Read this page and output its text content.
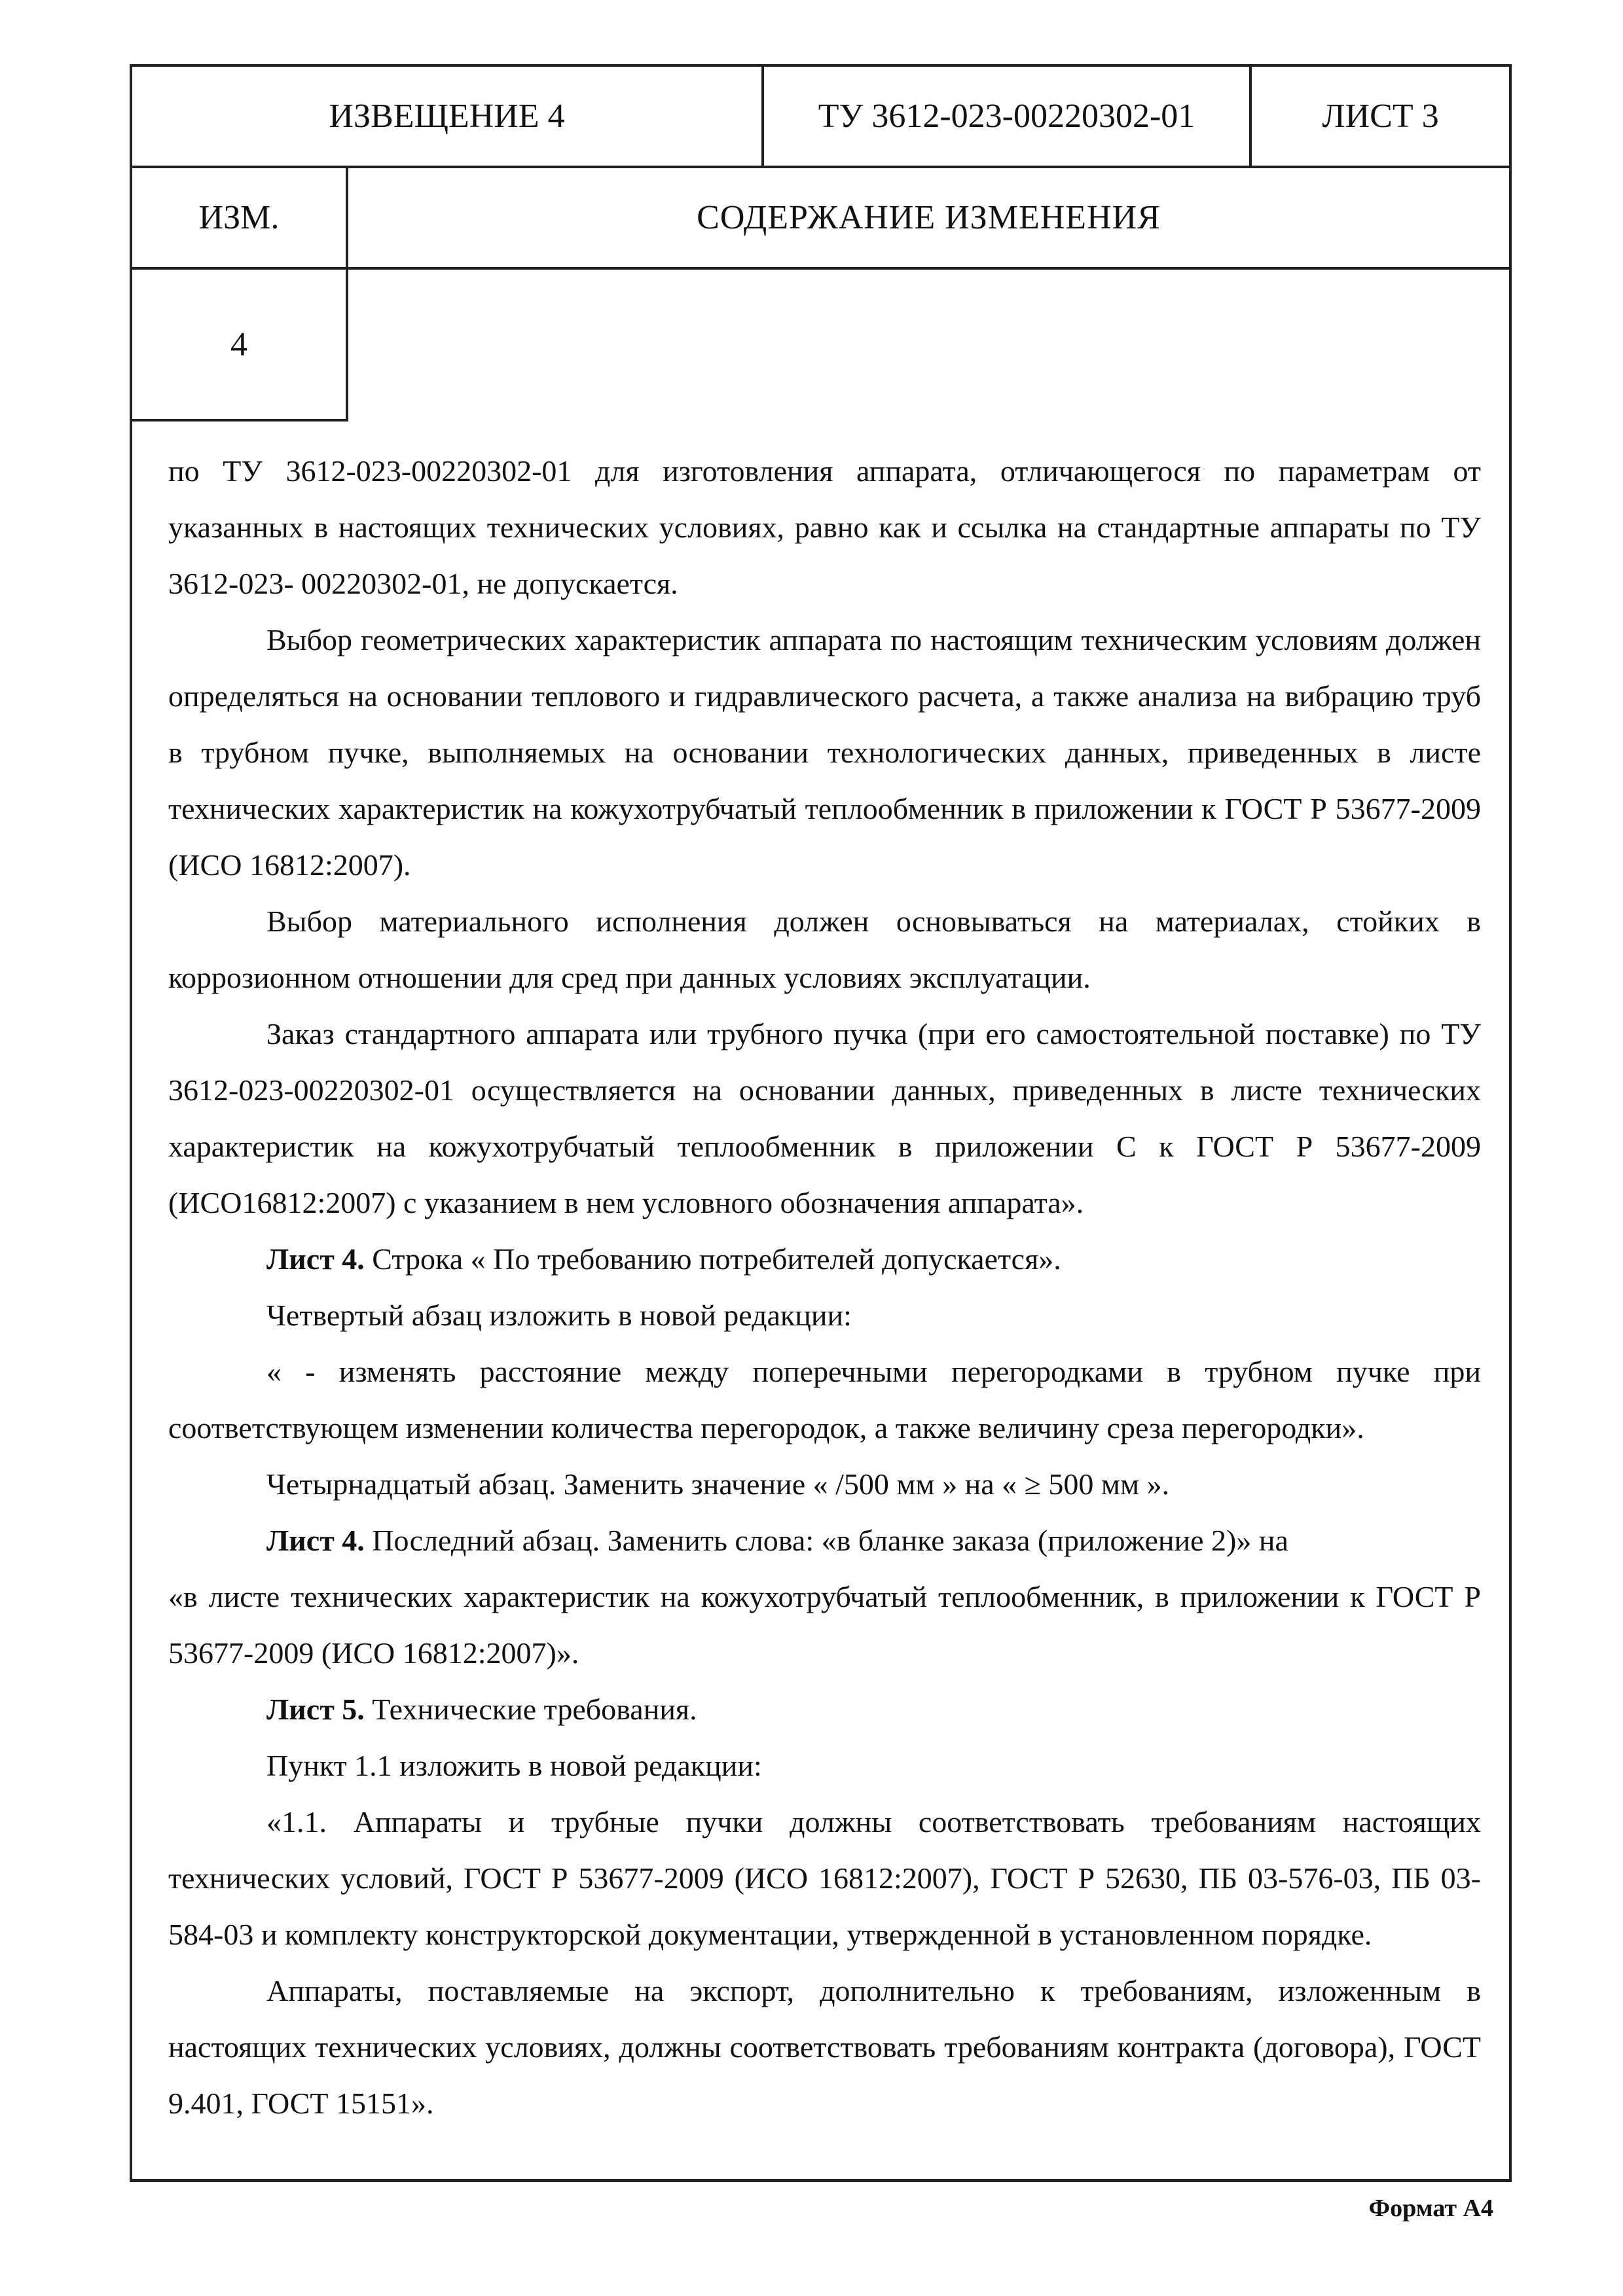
ИЗВЕЩЕНИЕ 4	ТУ 3612-023-00220302-01	ЛИСТ 3
ИЗМ.	СОДЕРЖАНИЕ ИЗМЕНЕНИЯ
4

по ТУ 3612-023-00220302-01 для изготовления аппарата, отличающегося по параметрам от указанных в настоящих технических условиях, равно как и ссылка на стандартные аппараты по ТУ 3612-023- 00220302-01, не допускается.

Выбор геометрических характеристик аппарата по настоящим техническим условиям должен определяться на основании теплового и гидравлического расчета, а также анализа на вибрацию труб в трубном пучке, выполняемых на основании технологических данных, приведенных в листе технических характеристик на кожухотрубчатый теплообменник в приложении к ГОСТ Р 53677-2009 (ИСО 16812:2007).

Выбор материального исполнения должен основываться на материалах, стойких в коррозионном отношении для сред при данных условиях эксплуатации.

Заказ стандартного аппарата или трубного пучка (при его самостоятельной поставке) по ТУ 3612-023-00220302-01 осуществляется на основании данных, приведенных в листе технических характеристик на кожухотрубчатый теплообменник в приложении С к ГОСТ Р 53677-2009 (ИСО16812:2007) с указанием в нем условного обозначения аппарата».

Лист 4. Строка « По требованию потребителей допускается».

Четвертый абзац изложить в новой редакции:

« - изменять расстояние между поперечными перегородками в трубном пучке при соответствующем изменении количества перегородок, а также величину среза перегородки».

Четырнадцатый абзац. Заменить значение « /500 мм » на « ≥ 500 мм ».

Лист 4. Последний абзац. Заменить слова: «в бланке заказа (приложение 2)» на

«в листе технических характеристик на кожухотрубчатый теплообменник, в приложении к ГОСТ Р 53677-2009 (ИСО 16812:2007)».

Лист 5. Технические требования.

Пункт 1.1 изложить в новой редакции:

«1.1. Аппараты и трубные пучки должны соответствовать требованиям настоящих технических условий, ГОСТ Р 53677-2009 (ИСО 16812:2007), ГОСТ Р 52630, ПБ 03-576-03, ПБ 03-584-03 и комплекту конструкторской документации, утвержденной в установленном порядке.

Аппараты, поставляемые на экспорт, дополнительно к требованиям, изложенным в настоящих технических условиях, должны соответствовать требованиям контракта (договора), ГОСТ 9.401, ГОСТ 15151».

Формат А4
